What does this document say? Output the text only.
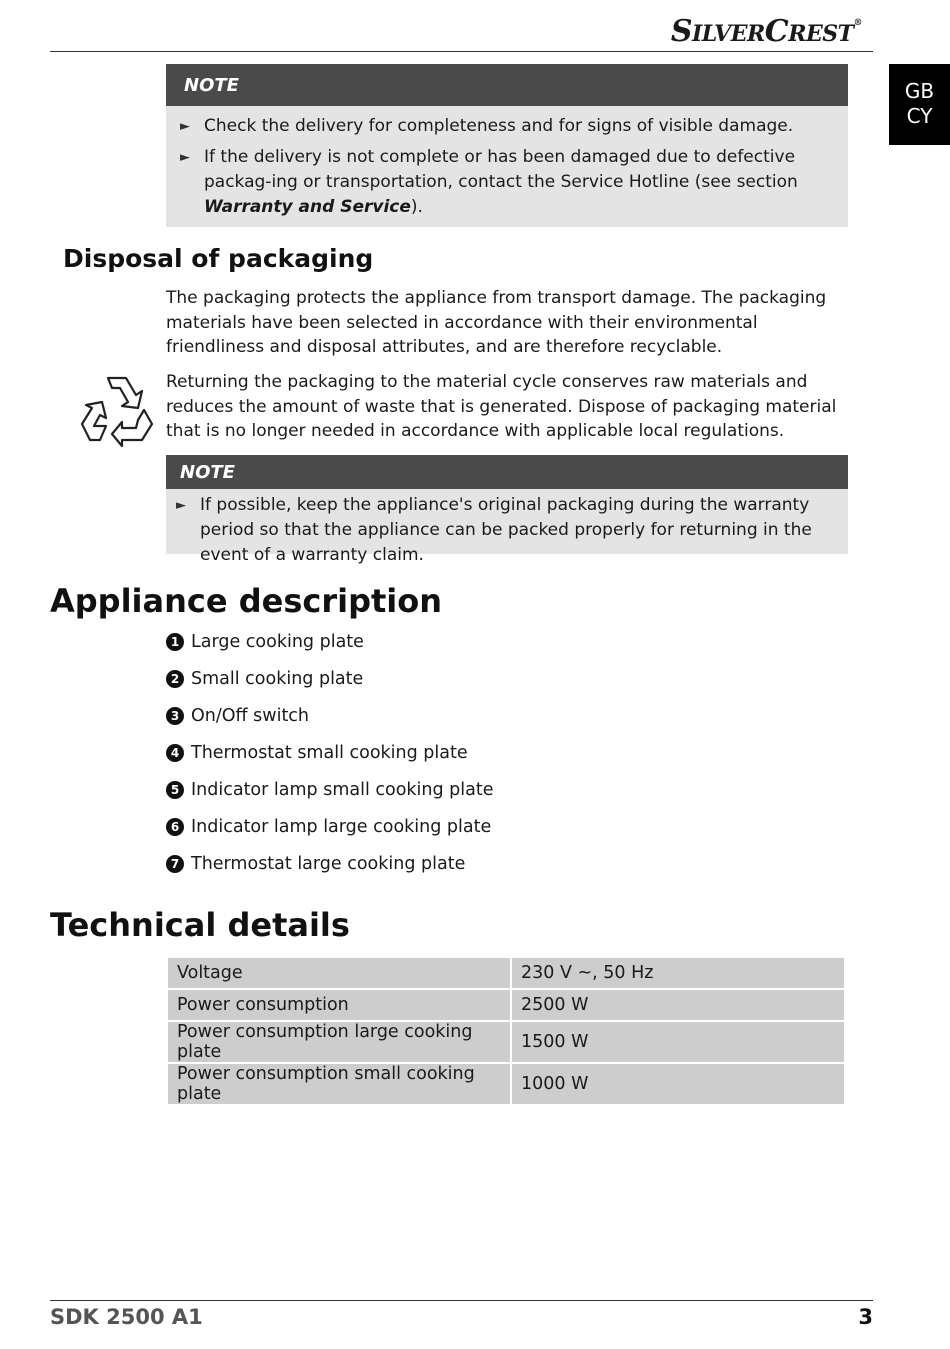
SILVERCREST®
GB
CY
NOTE
► Check the delivery for completeness and for signs of visible damage.
► If the delivery is not complete or has been damaged due to defective packag-ing or transportation, contact the Service Hotline (see section Warranty and Service).
Disposal of packaging

The packaging protects the appliance from transport damage. The packaging materials have been selected in accordance with their environmental friendliness and disposal attributes, and are therefore recyclable.

Returning the packaging to the material cycle conserves raw materials and reduces the amount of waste that is generated. Dispose of packaging material that is no longer needed in accordance with applicable local regulations.

NOTE
► If possible, keep the appliance's original packaging during the warranty period so that the appliance can be packed properly for returning in the event of a warranty claim.
Appliance description
1 Large cooking plate
2 Small cooking plate
3 On/Off switch
4 Thermostat small cooking plate
5 Indicator lamp small cooking plate
6 Indicator lamp large cooking plate
7 Thermostat large cooking plate
Technical details
Voltage	230 V ~, 50 Hz
Power consumption	2500 W
Power consumption large cooking plate	1500 W
Power consumption small cooking plate	1000 W
SDK 2500 A1	3
